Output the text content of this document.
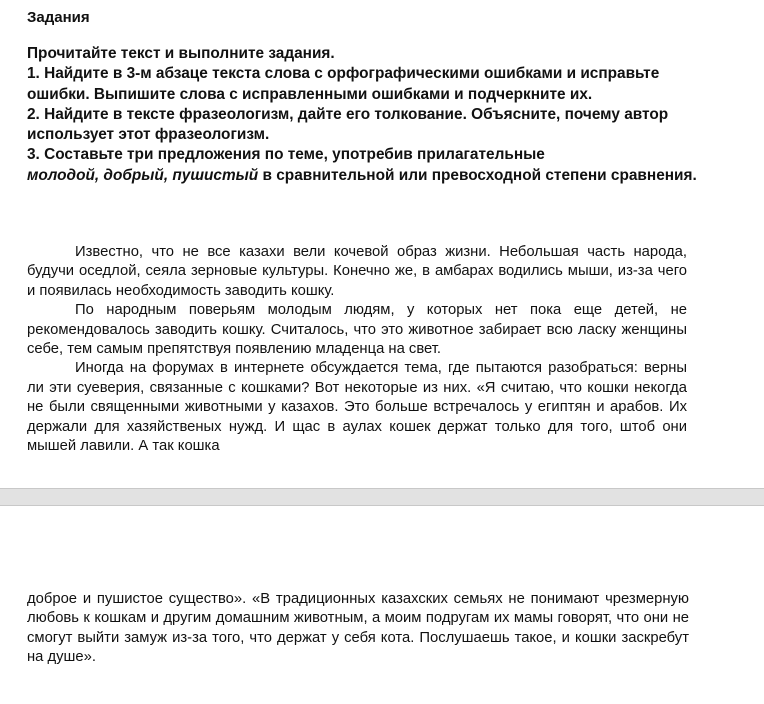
Задания
Прочитайте текст и выполните задания.
1. Найдите в 3-м абзаце текста слова с орфографическими ошибками и исправьте ошибки. Выпишите слова с исправленными ошибками и подчеркните их.
2. Найдите в тексте фразеологизм, дайте его толкование. Объясните, почему автор использует этот фразеологизм.
3. Составьте три предложения по теме, употребив прилагательные
молодой, добрый, пушистый в сравнительной или превосходной степени сравнения.

Известно, что не все казахи вели кочевой образ жизни. Небольшая часть народа, будучи оседлой, сеяла зерновые культуры. Конечно же, в амбарах водились мыши, из-за чего и появилась необходимость заводить кошку.

По народным поверьям молодым людям, у которых нет пока еще детей, не рекомендовалось заводить кошку. Считалось, что это животное забирает всю ласку женщины себе, тем самым препятствуя появлению младенца на свет.

Иногда на форумах в интернете обсуждается тема, где пытаются разобраться: верны ли эти суеверия, связанные с кошками? Вот некоторые из них. «Я считаю, что кошки некогда не были священными животными у казахов. Это больше встречалось у египтян и арабов. Их держали для хазяйственых нужд. И щас в аулах кошек держат только для того, штоб они мышей лавили. А так кошка

доброе и пушистое существо». «В традиционных казахских семьях не понимают чрезмерную любовь к кошкам и другим домашним животным, а моим подругам их мамы говорят, что они не смогут выйти замуж из-за того, что держат у себя кота. Послушаешь такое, и кошки заскребут на душе».
